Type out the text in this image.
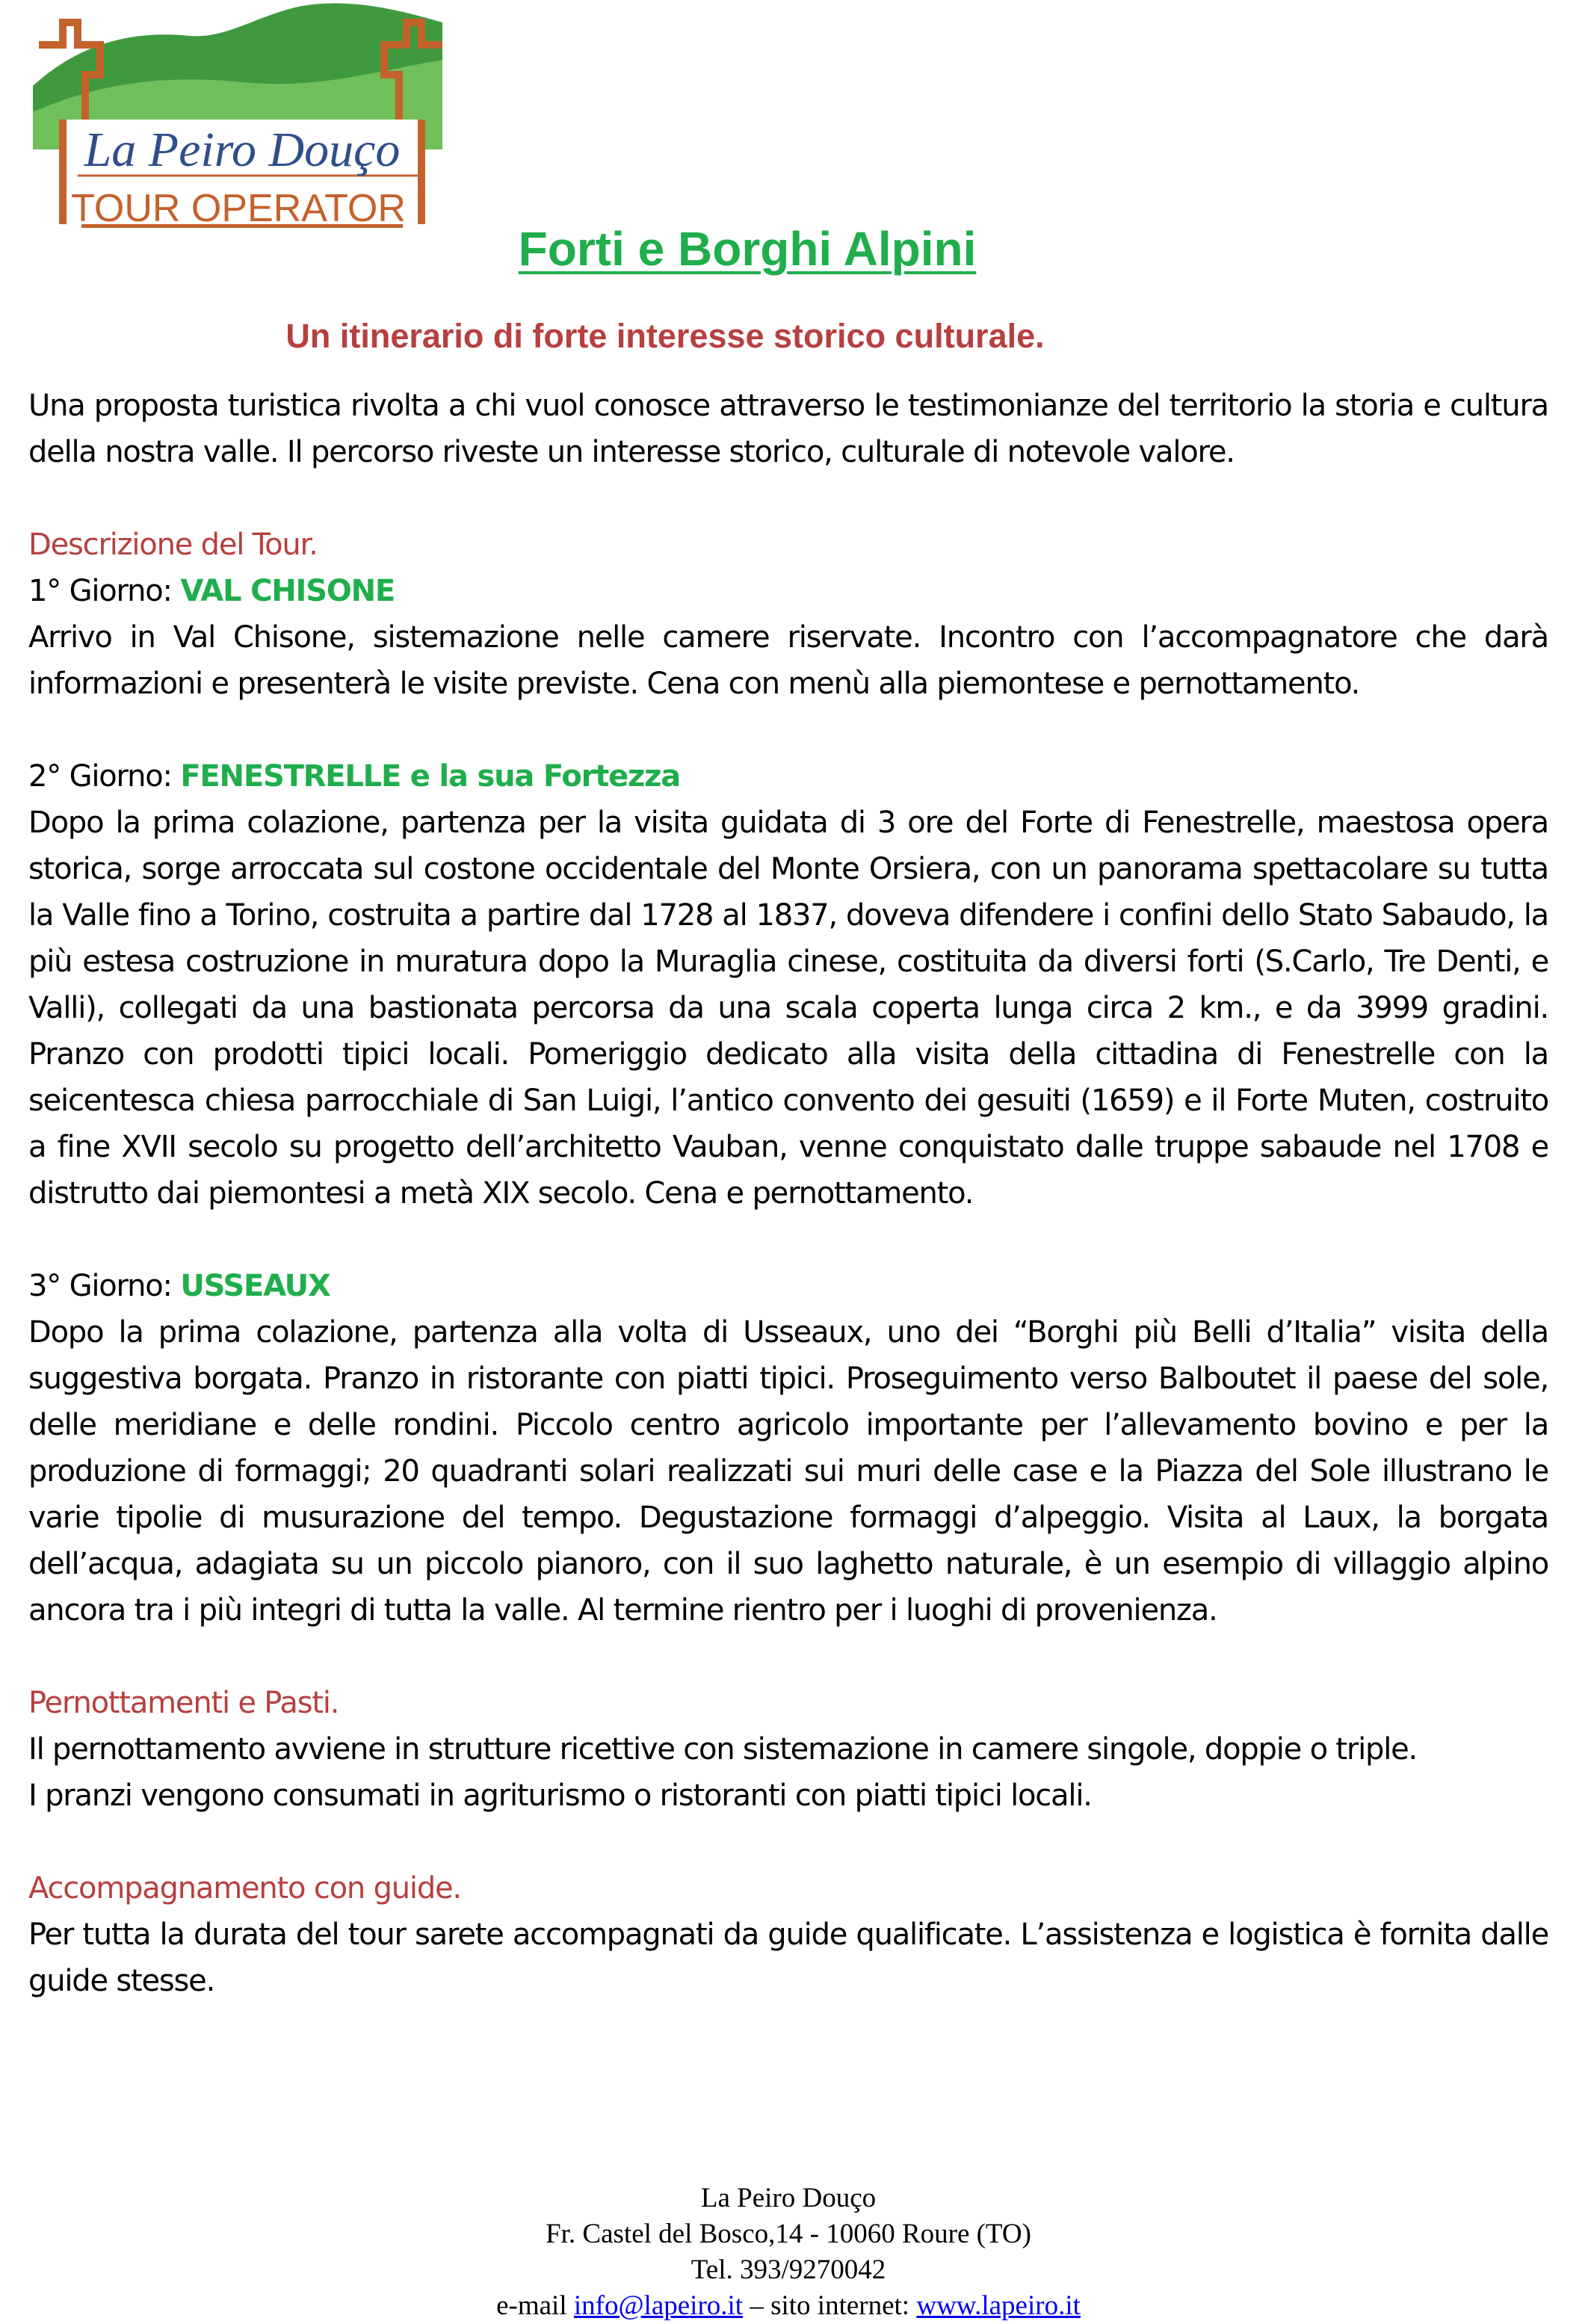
La Peiro Douço
TOUR OPERATOR
Forti e Borghi Alpini
Un itinerario di forte interesse storico culturale.

Una proposta turistica rivolta a chi vuol conosce attraverso le testimonianze del territorio la storia e cultura della nostra valle. Il percorso riveste un interesse storico, culturale di notevole valore.

Descrizione del Tour.

1° Giorno: VAL CHISONE

Arrivo in Val Chisone, sistemazione nelle camere riservate. Incontro con l’accompagnatore che darà informazioni e presenterà le visite previste. Cena con menù alla piemontese e pernottamento.

2° Giorno: FENESTRELLE e la sua Fortezza

Dopo la prima colazione, partenza per la visita guidata di 3 ore del Forte di Fenestrelle, maestosa opera storica, sorge arroccata sul costone occidentale del Monte Orsiera, con un panorama spettacolare su tutta la Valle fino a Torino, costruita a partire dal 1728 al 1837, doveva difendere i confini dello Stato Sabaudo, la più estesa costruzione in muratura dopo la Muraglia cinese, costituita da diversi forti (S.Carlo, Tre Denti, e Valli), collegati da una bastionata percorsa da una scala coperta lunga circa 2 km., e da 3999 gradini. Pranzo con prodotti tipici locali. Pomeriggio dedicato alla visita della cittadina di Fenestrelle con la seicentesca chiesa parrocchiale di San Luigi, l’antico convento dei gesuiti (1659) e il Forte Muten, costruito a fine XVII secolo su progetto dell’architetto Vauban, venne conquistato dalle truppe sabaude nel 1708 e distrutto dai piemontesi a metà XIX secolo. Cena e pernottamento.

3° Giorno: USSEAUX

Dopo la prima colazione, partenza alla volta di Usseaux, uno dei “Borghi più Belli d’Italia” visita della suggestiva borgata. Pranzo in ristorante con piatti tipici. Proseguimento verso Balboutet il paese del sole, delle meridiane e delle rondini. Piccolo centro agricolo importante per l’allevamento bovino e per la produzione di formaggi; 20 quadranti solari realizzati sui muri delle case e la Piazza del Sole illustrano le varie tipolie di musurazione del tempo. Degustazione formaggi d’alpeggio. Visita al Laux, la borgata dell’acqua, adagiata su un piccolo pianoro, con il suo laghetto naturale, è un esempio di villaggio alpino ancora tra i più integri di tutta la valle. Al termine rientro per i luoghi di provenienza.

Pernottamenti e Pasti.

Il pernottamento avviene in strutture ricettive con sistemazione in camere singole, doppie o triple.

I pranzi vengono consumati in agriturismo o ristoranti con piatti tipici locali.

Accompagnamento con guide.

Per tutta la durata del tour sarete accompagnati da guide qualificate. L’assistenza e logistica è fornita dalle guide stesse.

La Peiro Douço
Fr. Castel del Bosco,14 - 10060 Roure (TO)
Tel. 393/9270042
e-mail info@lapeiro.it – sito internet: www.lapeiro.it
